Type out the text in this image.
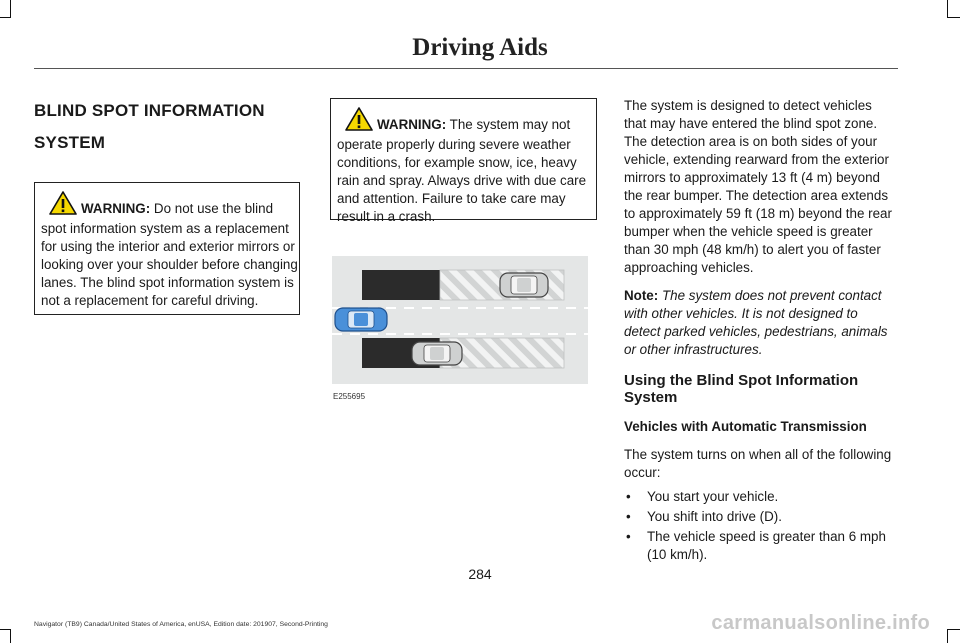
Driving Aids
BLIND SPOT INFORMATION
SYSTEM
WARNING: Do not use the blind spot information system as a replacement for using the interior and exterior mirrors or looking over your shoulder before changing lanes. The blind spot information system is not a replacement for careful driving.
WARNING: The system may not operate properly during severe weather conditions, for example snow, ice, heavy rain and spray. Always drive with due care and attention. Failure to take care may result in a crash.
E255695

The system is designed to detect vehicles that may have entered the blind spot zone. The detection area is on both sides of your vehicle, extending rearward from the exterior mirrors to approximately 13 ft (4 m) beyond the rear bumper. The detection area extends to approximately 59 ft (18 m) beyond the rear bumper when the vehicle speed is greater than 30 mph (48 km/h) to alert you of faster approaching vehicles.

Note: The system does not prevent contact with other vehicles. It is not designed to detect parked vehicles, pedestrians, animals or other infrastructures.

Using the Blind Spot Information System
Vehicles with Automatic Transmission

The system turns on when all of the following occur:

• You start your vehicle.
• You shift into drive (D).
• The vehicle speed is greater than 6 mph (10 km/h).
284
Navigator (TB9) Canada/United States of America, enUSA, Edition date: 201907, Second-Printing	carmanualsonline.info
